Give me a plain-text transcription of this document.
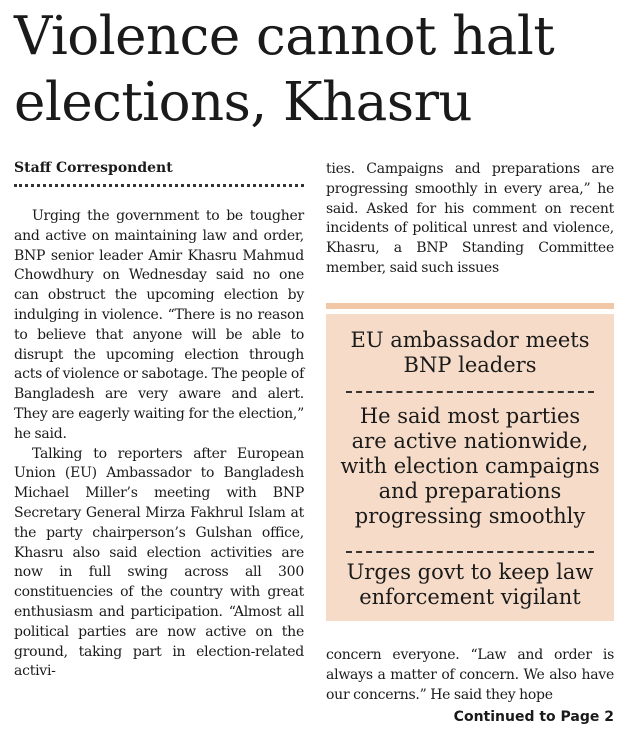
Violence cannot halt
elections, Khasru
Staff Correspondent

Urging the government to be tougher and active on maintaining law and order, BNP senior leader Amir Khasru Mahmud Chowdhury on Wednesday said no one can obstruct the upcoming election by indulging in violence. “There is no reason to believe that anyone will be able to disrupt the upcoming election through acts of violence or sabotage. The people of Bangladesh are very aware and alert. They are eagerly waiting for the election,” he said.

Talking to reporters after European Union (EU) Ambassador to Bangladesh Michael Miller’s meeting with BNP Secretary General Mirza Fakhrul Islam at the party chairperson’s Gulshan office, Khasru also said election activities are now in full swing across all 300 constituencies of the country with great enthusiasm and participation. “Almost all political parties are now active on the ground, taking part in election-related activi-

ties. Campaigns and preparations are progressing smoothly in every area,” he said. Asked for his comment on recent incidents of political unrest and violence, Khasru, a BNP Standing Committee member, said such issues

EU ambassador meets
BNP leaders
He said most parties
are active nationwide,
with election campaigns
and preparations
progressing smoothly
Urges govt to keep law
enforcement vigilant

concern everyone. “Law and order is always a matter of concern. We also have our concerns.” He said they hope

Continued to Page 2
